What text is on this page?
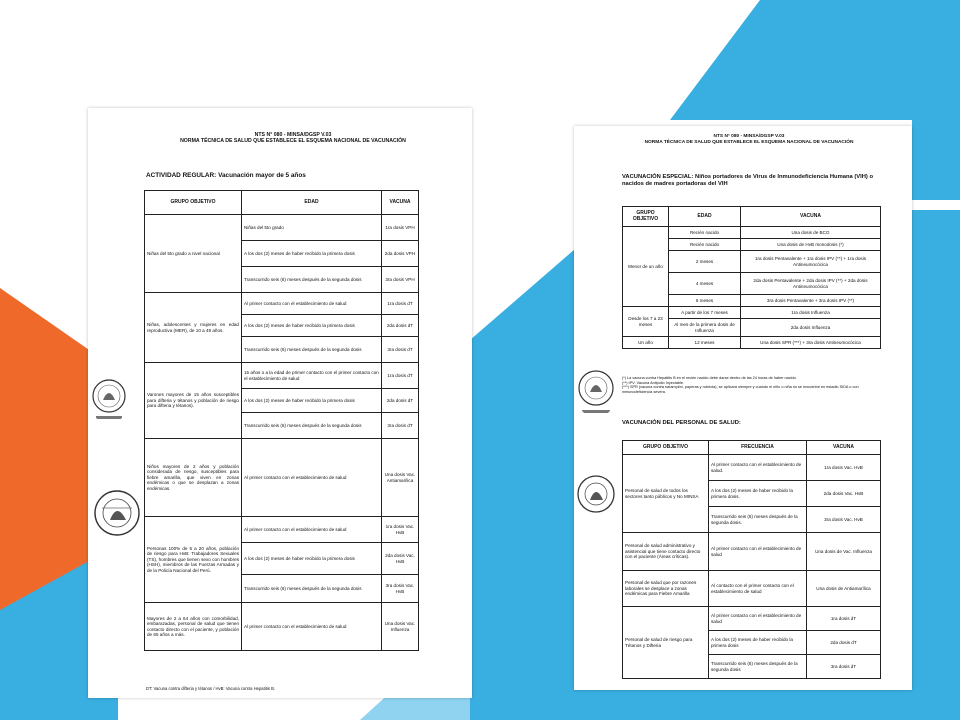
NTS N° 080 - MINSA/DGSP V.03
NORMA TÉCNICA DE SALUD QUE ESTABLECE EL ESQUEMA NACIONAL DE VACUNACIÓN
ACTIVIDAD REGULAR: Vacunación mayor de 5 años
GRUPO OBJETIVO	EDAD	VACUNA
Niñas del 5to grado a nivel nacional	Niñas del 5to grado	1ra dosis VPH
	A los dos (2) meses de haber recibido la primera dosis	2da dosis VPH
	Transcurrido seis (6) meses después de la segunda dosis	3ra dosis VPH
Niñas, adolescentes y mujeres en edad reproductiva (MER), de 10 a 49 años.	Al primer contacto con el establecimiento de salud	1ra dosis dT
	A los dos (2) meses de haber recibido la primera dosis	2da dosis dT
	Transcurrido seis (6) meses después de la segunda dosis	3ra dosis dT
Varones mayores de 15 años susceptibles para difteria y tétanos y población de riesgo para difteria y tétanos).	15 años o a la edad de primer contacto con el primer contacto con el establecimiento de salud	1ra dosis dT
	A los dos (2) meses de haber recibido la primera dosis	2da dosis dT
	Transcurrido seis (6) meses después de la segunda dosis	3ra dosis dT
Niños mayores de 2 años y población considerada de riesgo, susceptibles para fiebre amarilla, que viven en zonas endémicas o que se desplazan a zonas endémicas.	Al primer contacto con el establecimiento de salud	Una dosis Vac. Antiamarílica
Personas 100% de 5 a 20 años, población de riesgo para HvB: Trabajadores Sexuales (TS), hombres que tienen sexo con hombres (HSH), miembros de las Fuerzas Armadas y de la Policía Nacional del Perú.	Al primer contacto con el establecimiento de salud	1ra dosis Vac. HvB
	A los dos (2) meses de haber recibido la primera dosis	2da dosis Vac. HvB
	Transcurrido seis (6) meses después de la segunda dosis	3ra dosis Vac. HvB
Mayores de 2 a 64 años con comorbilidad, embarazadas, personal de salud que tienen contacto directo con el paciente, y población de 65 años a más.	Al primer contacto con el establecimiento de salud	Una dosis Vac. Influenza
DT: Vacuna contra difteria y tétanos / HvB: Vacuna contra Hepatitis B.
NTS N° 080 - MINSA/DGSP V.03
NORMA TÉCNICA DE SALUD QUE ESTABLECE EL ESQUEMA NACIONAL DE VACUNACIÓN
VACUNACIÓN ESPECIAL: Niños portadores de Virus de Inmunodeficiencia Humana (VIH) o nacidos de madres portadoras del VIH
GRUPO OBJETIVO	EDAD	VACUNA
Menor de un año	Recién nacido	Una dosis de BCG
	Recién nacido	Una dosis de HvB monodosis (*)
	2 meses	1ra dosis Pentavalente + 1ra dosis IPV (**) + 1ra dosis Antineumocócica
	4 meses	2da dosis Pentavalente + 2da dosis IPV (**) + 2da dosis Antineumocócica
	6 meses	3ra dosis Pentavalente + 3ra dosis IPV (**)
Desde los 7 a 23 meses	A partir de los 7 meses	1ra dosis Influenza
	Al mes de la primera dosis de Influenza	2da dosis Influenza
Un año	12 meses	Una dosis SPR (***) + 3ra dosis Antineumocócica
(*) La vacuna contra Hepatitis B en el recién nacido debe darse dentro de las 24 horas de haber nacido.
(**) IPV: Vacuna Antipolio Inyectable.
(***) SPR (vacuna contra sarampión, paperas y rubéola), se aplicará siempre y cuando el niño o niña no se encuentre en estadio SIDA o con inmunodeficiencia severa.
VACUNACIÓN DEL PERSONAL DE SALUD:
GRUPO OBJETIVO	FRECUENCIA	VACUNA
Personal de salud de todos los sectores tanto públicos y No MINSA	Al primer contacto con el establecimiento de salud.	1ra dosis Vac. HvB
	A los dos (2) meses de haber recibido la primera dosis.	2da dosis Vac. HvB
	Transcurrido seis (6) meses después de la segunda dosis.	3ra dosis Vac. HvB
Personal de salud administrativo y asistencial que tiene contacto directo con el paciente (Áreas críticas).	Al primer contacto con el establecimiento de salud	Una dosis de Vac. Influenza
Personal de salud que por razones laborales se desplace a zonas endémicas para Fiebre Amarilla	Al contacto con el primer contacto con el establecimiento de salud	Una dosis de Antiamarílica
Personal de salud de riesgo para Tétanos y Difteria	Al primer contacto con el establecimiento de salud	1ra dosis dT
	A los dos (2) meses de haber recibido la primera dosis	2da dosis dT
	Transcurrido seis (6) meses después de la segunda dosis	3ra dosis dT
